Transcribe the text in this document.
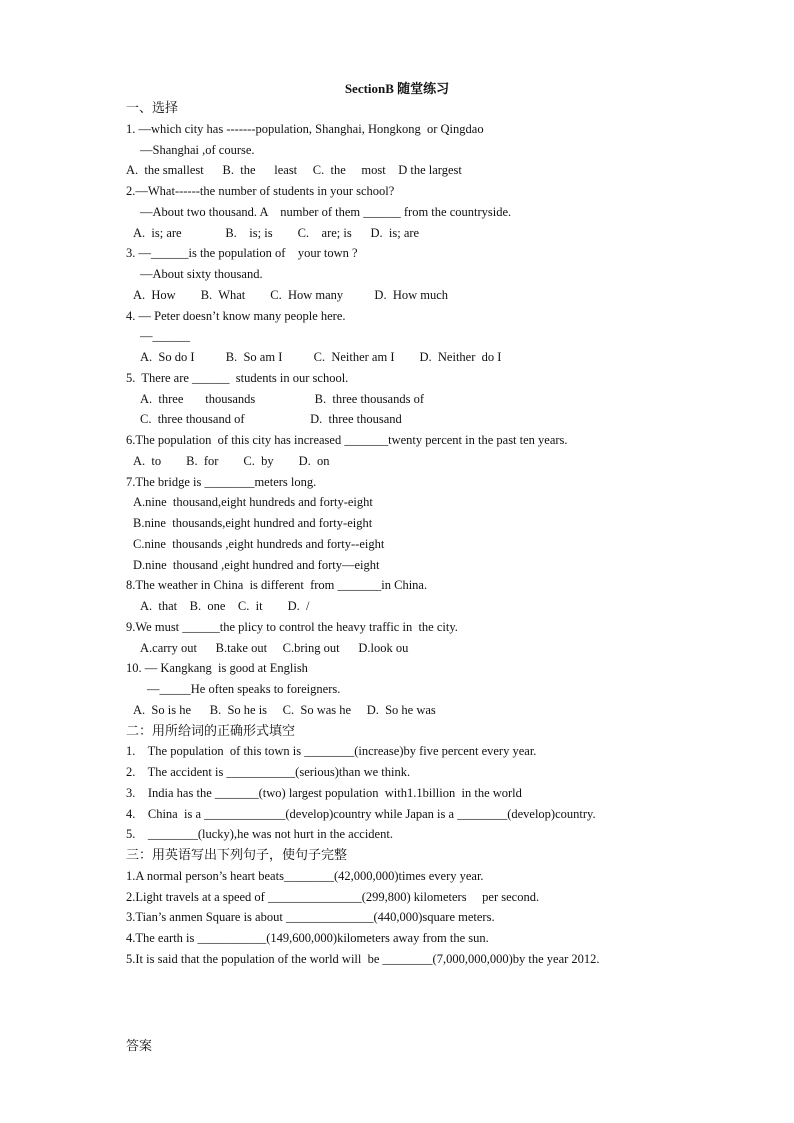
SectionB 随堂练习
一、选择
1. —which city has -------population, Shanghai, Hongkong  or Qingdao
—Shanghai ,of course.
A.  the smallest      B.  the      least     C.  the     most    D the largest
2.—What------the number of students in your school?
—About two thousand. A    number of them ______ from the countryside.
A.  is; are              B.    is; is        C.    are; is      D.  is; are
3. —______is the population of    your town ?
—About sixty thousand.
A.  How        B.  What        C.  How many          D.  How much
4. — Peter doesn’t know many people here.
—______
A.  So do I          B.  So am I          C.  Neither am I        D.  Neither  do I
5.  There are ______  students in our school.
A.  three       thousands                   B.  three thousands of
C.  three thousand of                     D.  three thousand
6.The population  of this city has increased _______twenty percent in the past ten years.
A.  to        B.  for        C.  by        D.  on
7.The bridge is ________meters long.
A.nine  thousand,eight hundreds and forty-eight
B.nine  thousands,eight hundred and forty-eight
C.nine  thousands ,eight hundreds and forty--eight
D.nine  thousand ,eight hundred and forty—eight
8.The weather in China  is different  from _______in China.
A.  that    B.  one    C.  it        D.  /
9.We must ______the plicy to control the heavy traffic in  the city.
A.carry out      B.take out     C.bring out      D.look ou
10. — Kangkang  is good at English
—_____He often speaks to foreigners.
A.  So is he      B.  So he is     C.  So was he     D.  So he was
二：用所给词的正确形式填空
1.    The population  of this town is ________(increase)by five percent every year.
2.    The accident is ___________(serious)than we think.
3.    India has the _______(two) largest population  with1.1billion  in the world
4.    China  is a _____________(develop)country while Japan is a ________(develop)country.
5.    ________(lucky),he was not hurt in the accident.
三：用英语写出下列句子，使句子完整
1.A normal person’s heart beats________(42,000,000)times every year.
2.Light travels at a speed of _______________(299,800) kilometers     per second.
3.Tian’s anmen Square is about ______________(440,000)square meters.
4.The earth is ___________(149,600,000)kilometers away from the sun.
5.It is said that the population of the world will  be ________(7,000,000,000)by the year 2012.
答案
